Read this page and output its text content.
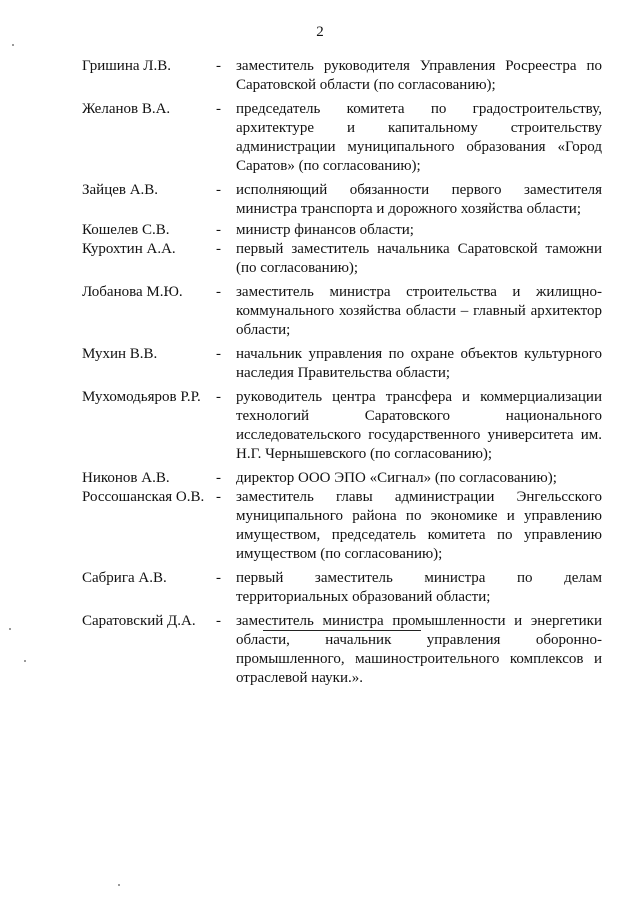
2
Гришина Л.В.	-	заместитель руководителя Управления Росреестра по Саратовской области (по согласованию);
Желанов В.А.	-	председатель комитета по градостроительству, архитектуре и капитальному строительству администрации муниципального образования «Город Саратов» (по согласованию);
Зайцев А.В.	-	исполняющий обязанности первого заместителя министра транспорта и дорожного хозяйства области;
Кошелев С.В.	-	министр финансов области;
Курохтин А.А.	-	первый заместитель начальника Саратовской таможни (по согласованию);
Лобанова М.Ю.	-	заместитель министра строительства и жилищно-коммунального хозяйства области – главный архитектор области;
Мухин В.В.	-	начальник управления по охране объектов культурного наследия Правительства области;
Мухомодьяров Р.Р.	-	руководитель центра трансфера и коммерциализации технологий Саратовского национального исследовательского государственного университета им. Н.Г. Чернышевского (по согласованию);
Никонов А.В.	-	директор ООО ЭПО «Сигнал» (по согласованию);
Россошанская О.В. -	заместитель главы администрации Энгельсского муниципального района по экономике и управлению имуществом, председатель комитета по управлению имуществом (по согласованию);
Сабрига А.В.	-	первый заместитель министра по делам территориальных образований области;
Саратовский Д.А.	-	заместитель министра промышленности и энергетики области, начальник управления оборонно-промышленного, машиностроительного комплексов и отраслевой науки.».
